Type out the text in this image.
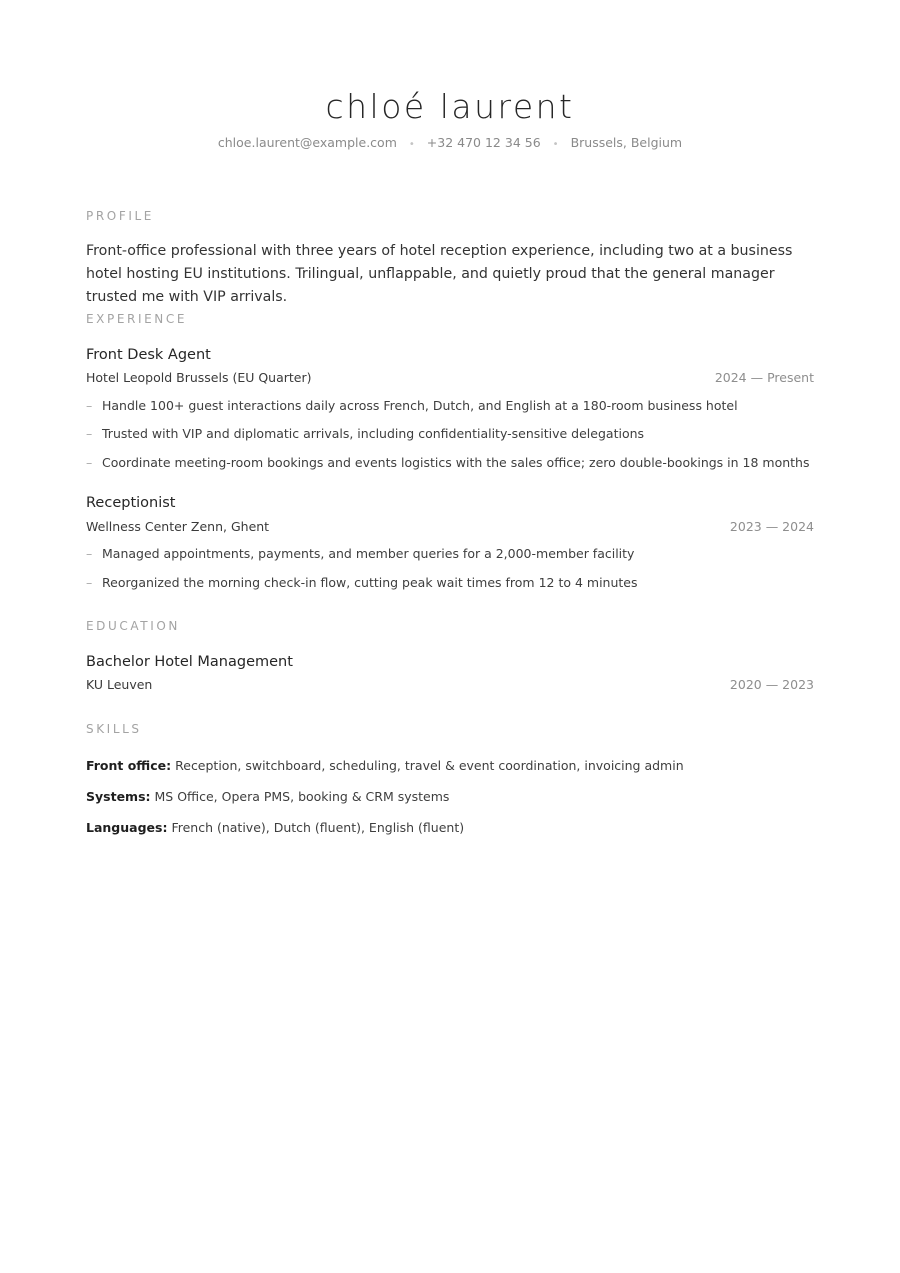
chloé laurent
chloe.laurent@example.com • +32 470 12 34 56 • Brussels, Belgium
PROFILE
Front-office professional with three years of hotel reception experience, including two at a business hotel hosting EU institutions. Trilingual, unflappable, and quietly proud that the general manager trusted me with VIP arrivals.
EXPERIENCE
Front Desk Agent
Hotel Leopold Brussels (EU Quarter)	2024 — Present
– Handle 100+ guest interactions daily across French, Dutch, and English at a 180-room business hotel
– Trusted with VIP and diplomatic arrivals, including confidentiality-sensitive delegations
– Coordinate meeting-room bookings and events logistics with the sales office; zero double-bookings in 18 months
Receptionist
Wellness Center Zenn, Ghent	2023 — 2024
– Managed appointments, payments, and member queries for a 2,000-member facility
– Reorganized the morning check-in flow, cutting peak wait times from 12 to 4 minutes
EDUCATION
Bachelor Hotel Management
KU Leuven	2020 — 2023
SKILLS
Front office: Reception, switchboard, scheduling, travel & event coordination, invoicing admin
Systems: MS Office, Opera PMS, booking & CRM systems
Languages: French (native), Dutch (fluent), English (fluent)
